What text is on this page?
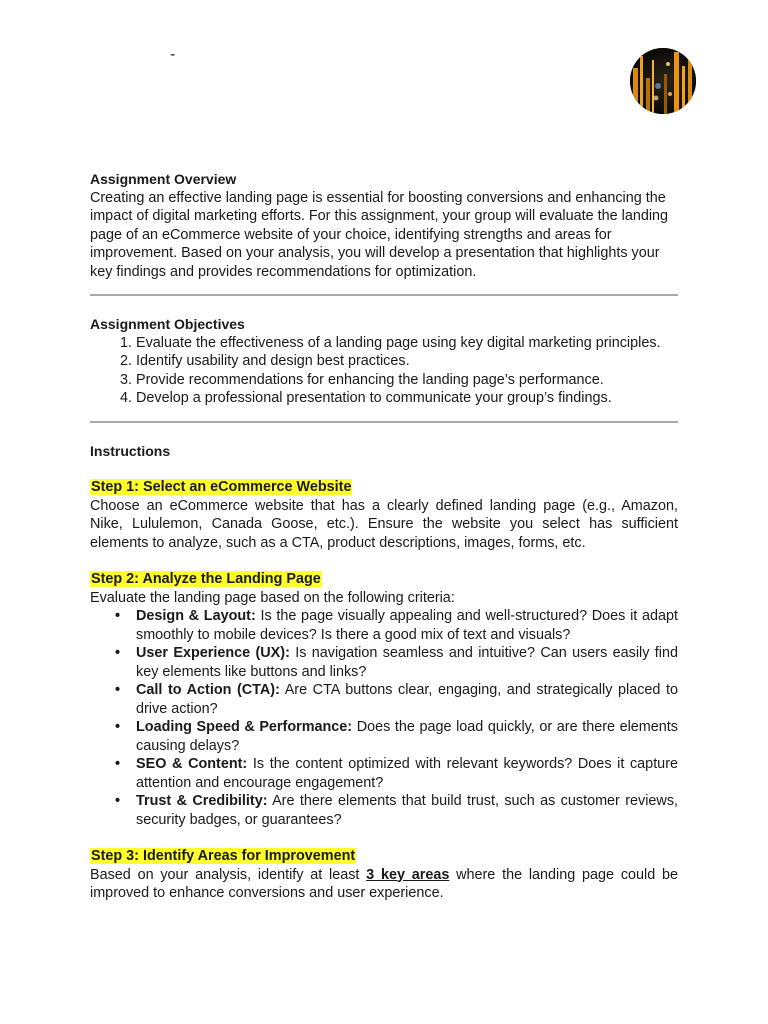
-

Assignment Overview

Creating an effective landing page is essential for boosting conversions and enhancing the impact of digital marketing efforts. For this assignment, your group will evaluate the landing page of an eCommerce website of your choice, identifying strengths and areas for improvement. Based on your analysis, you will develop a presentation that highlights your key findings and provides recommendations for optimization.

Assignment Objectives

1. Evaluate the effectiveness of a landing page using key digital marketing principles.
2. Identify usability and design best practices.
3. Provide recommendations for enhancing the landing page’s performance.
4. Develop a professional presentation to communicate your group’s findings.

Instructions

Step 1: Select an eCommerce Website

Choose an eCommerce website that has a clearly defined landing page (e.g., Amazon, Nike, Lululemon, Canada Goose, etc.). Ensure the website you select has sufficient elements to analyze, such as a CTA, product descriptions, images, forms, etc.

Step 2: Analyze the Landing Page

Evaluate the landing page based on the following criteria:

• Design & Layout: Is the page visually appealing and well-structured? Does it adapt smoothly to mobile devices? Is there a good mix of text and visuals?
• User Experience (UX): Is navigation seamless and intuitive? Can users easily find key elements like buttons and links?
• Call to Action (CTA): Are CTA buttons clear, engaging, and strategically placed to drive action?
• Loading Speed & Performance: Does the page load quickly, or are there elements causing delays?
• SEO & Content: Is the content optimized with relevant keywords? Does it capture attention and encourage engagement?
• Trust & Credibility: Are there elements that build trust, such as customer reviews, security badges, or guarantees?

Step 3: Identify Areas for Improvement

Based on your analysis, identify at least 3 key areas where the landing page could be improved to enhance conversions and user experience.
